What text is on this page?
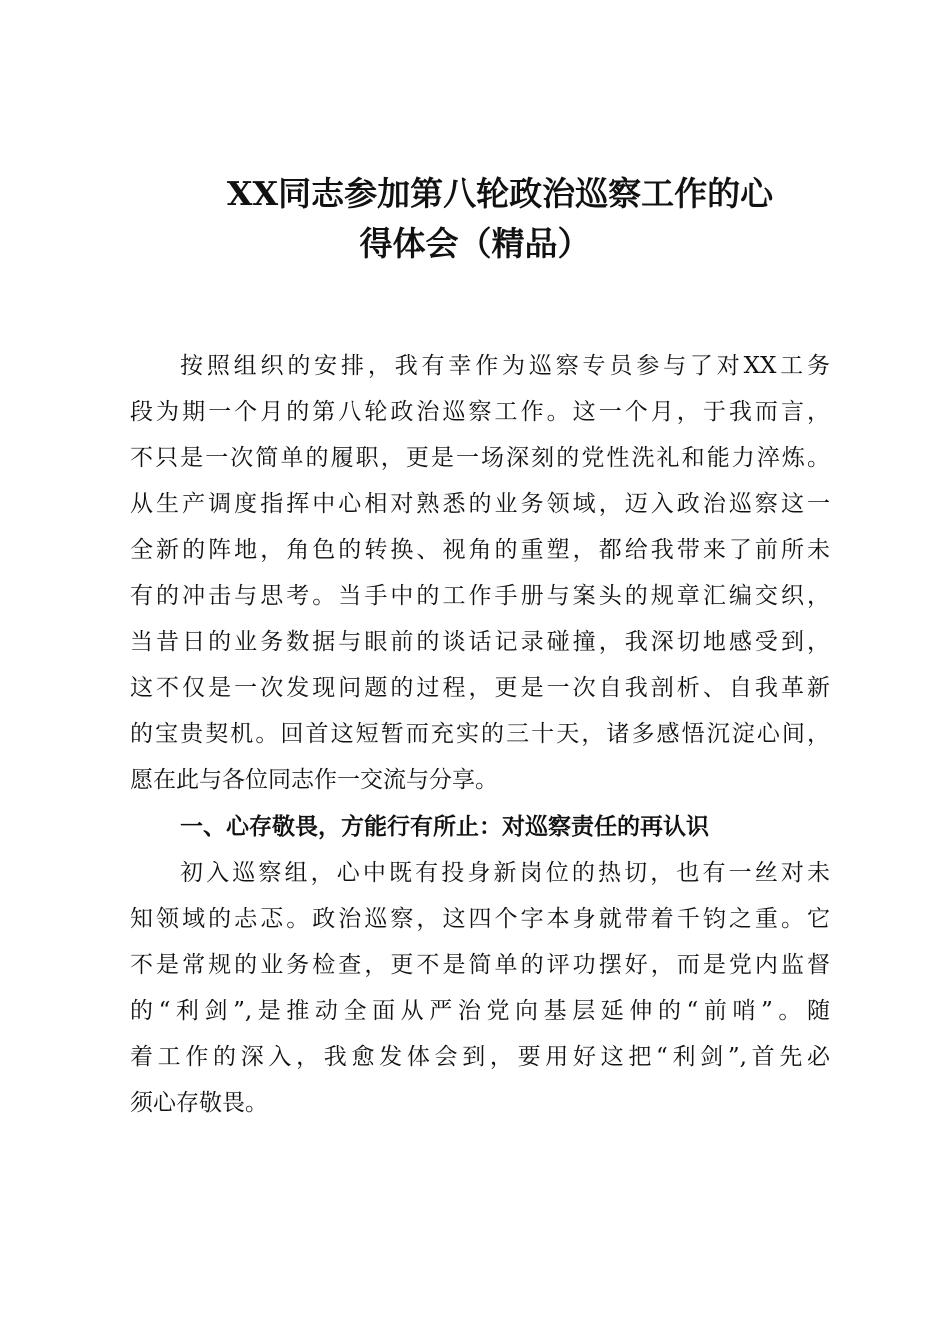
XX同志参加第八轮政治巡察工作的心
得体会（精品）

按照组织的安排，我有幸作为巡察专员参与了对XX工务

段为期一个月的第八轮政治巡察工作。这一个月，于我而言，

不只是一次简单的履职，更是一场深刻的党性洗礼和能力淬炼。

从生产调度指挥中心相对熟悉的业务领域，迈入政治巡察这一

全新的阵地，角色的转换、视角的重塑，都给我带来了前所未

有的冲击与思考。当手中的工作手册与案头的规章汇编交织，

当昔日的业务数据与眼前的谈话记录碰撞，我深切地感受到，

这不仅是一次发现问题的过程，更是一次自我剖析、自我革新

的宝贵契机。回首这短暂而充实的三十天，诸多感悟沉淀心间，

愿在此与各位同志作一交流与分享。

一、心存敬畏，方能行有所止：对巡察责任的再认识

初入巡察组，心中既有投身新岗位的热切，也有一丝对未

知领域的忐忑。政治巡察，这四个字本身就带着千钧之重。它

不是常规的业务检查，更不是简单的评功摆好，而是党内监督

的“利剑”,是推动全面从严治党向基层延伸的“前哨”。随

着工作的深入，我愈发体会到，要用好这把“利剑”,首先必

须心存敬畏。
